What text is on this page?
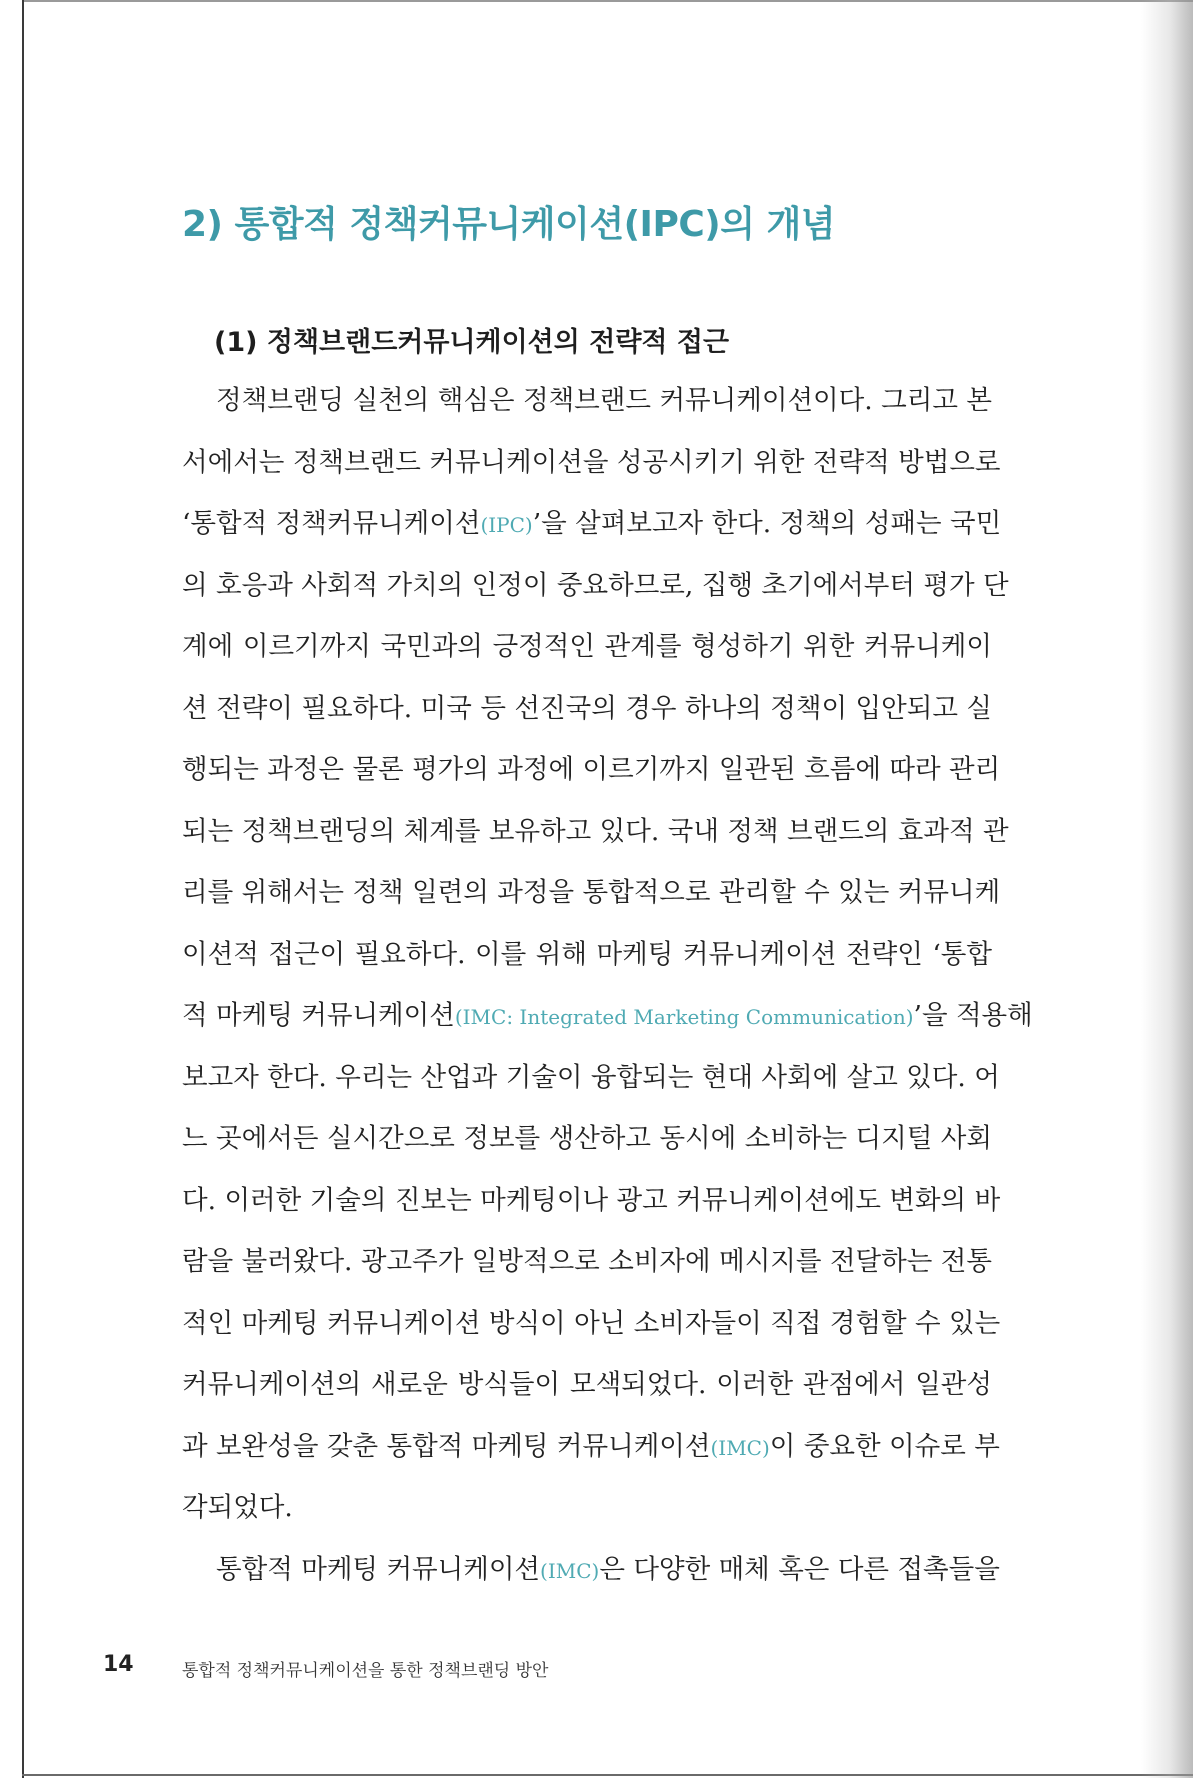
2) 통합적 정책커뮤니케이션(IPC)의 개념
(1) 정책브랜드커뮤니케이션의 전략적 접근
정책브랜딩 실천의 핵심은 정책브랜드 커뮤니케이션이다. 그리고 본
서에서는 정책브랜드 커뮤니케이션을 성공시키기 위한 전략적 방법으로
‘통합적 정책커뮤니케이션(IPC)’을 살펴보고자 한다. 정책의 성패는 국민
의 호응과 사회적 가치의 인정이 중요하므로, 집행 초기에서부터 평가 단
계에 이르기까지 국민과의 긍정적인 관계를 형성하기 위한 커뮤니케이
션 전략이 필요하다. 미국 등 선진국의 경우 하나의 정책이 입안되고 실
행되는 과정은 물론 평가의 과정에 이르기까지 일관된 흐름에 따라 관리
되는 정책브랜딩의 체계를 보유하고 있다. 국내 정책 브랜드의 효과적 관
리를 위해서는 정책 일련의 과정을 통합적으로 관리할 수 있는 커뮤니케
이션적 접근이 필요하다. 이를 위해 마케팅 커뮤니케이션 전략인 ‘통합
적 마케팅 커뮤니케이션(IMC: Integrated Marketing Communication)’을 적용해
보고자 한다. 우리는 산업과 기술이 융합되는 현대 사회에 살고 있다. 어
느 곳에서든 실시간으로 정보를 생산하고 동시에 소비하는 디지털 사회
다. 이러한 기술의 진보는 마케팅이나 광고 커뮤니케이션에도 변화의 바
람을 불러왔다. 광고주가 일방적으로 소비자에 메시지를 전달하는 전통
적인 마케팅 커뮤니케이션 방식이 아닌 소비자들이 직접 경험할 수 있는
커뮤니케이션의 새로운 방식들이 모색되었다. 이러한 관점에서 일관성
과 보완성을 갖춘 통합적 마케팅 커뮤니케이션(IMC)이 중요한 이슈로 부
각되었다.
통합적 마케팅 커뮤니케이션(IMC)은 다양한 매체 혹은 다른 접촉들을
14	통합적 정책커뮤니케이션을 통한 정책브랜딩 방안
